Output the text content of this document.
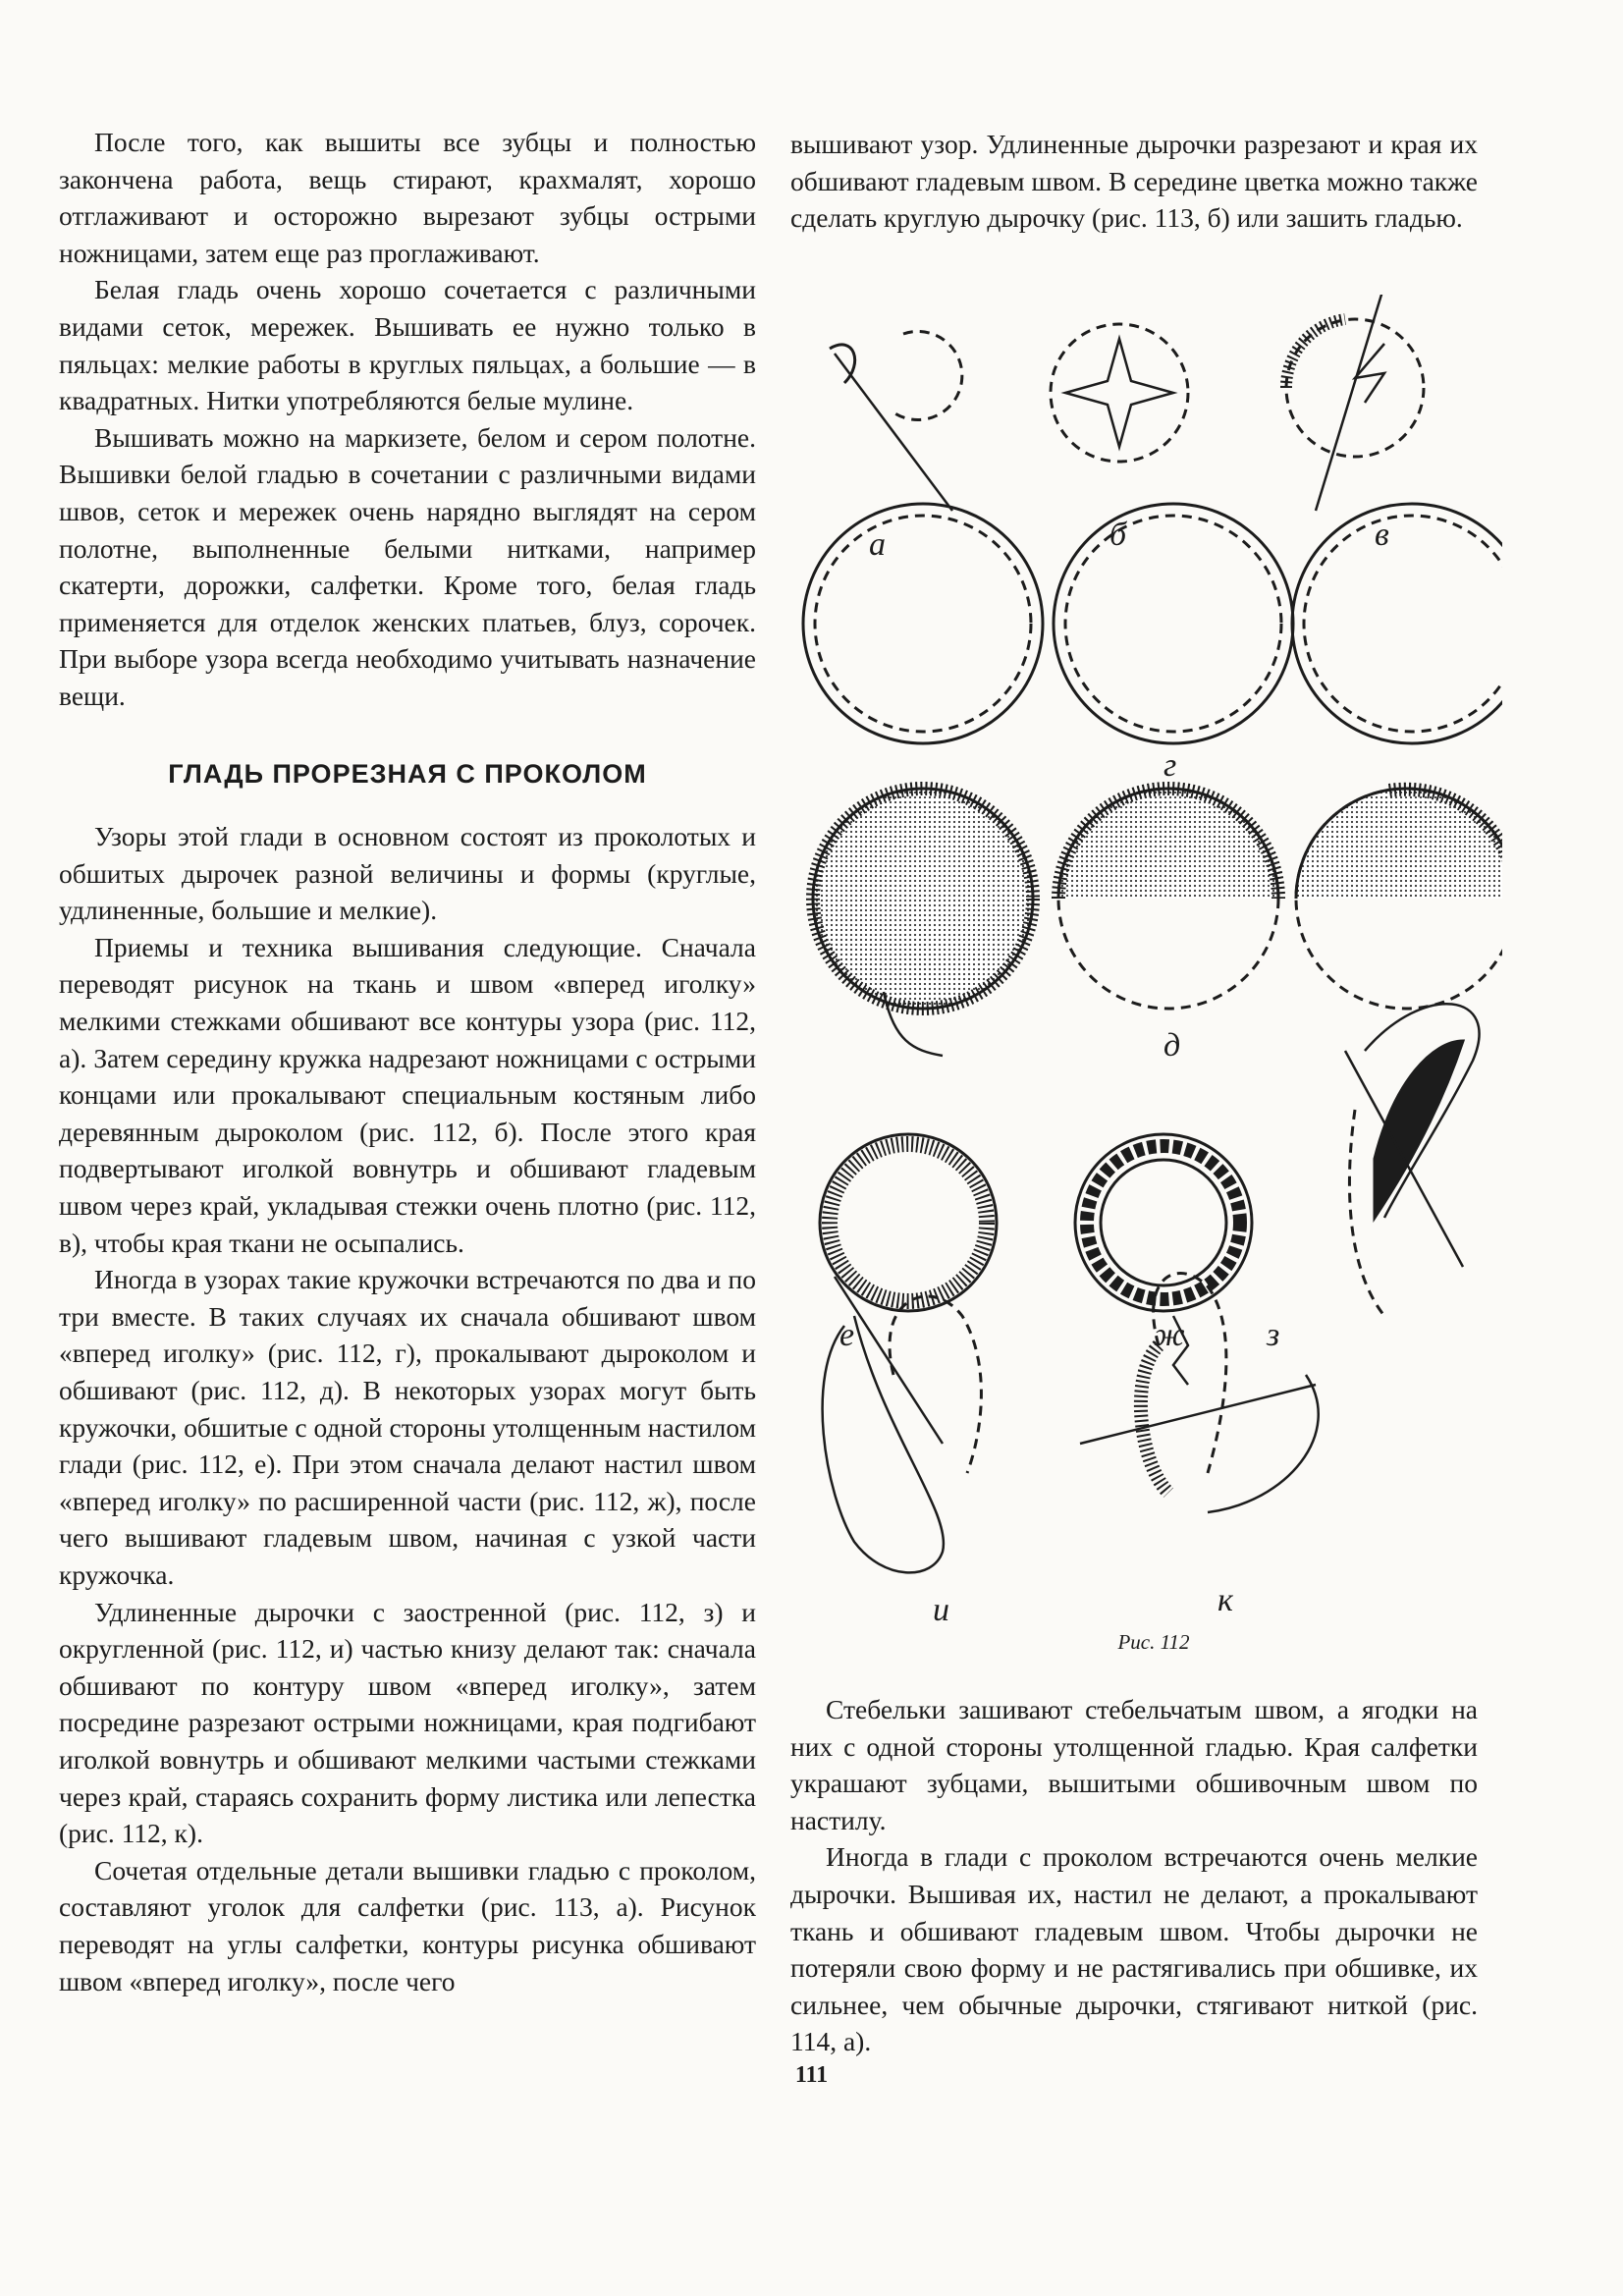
После того, как вышиты все зубцы и полностью закончена работа, вещь стирают, крахмалят, хорошо отглаживают и осторожно вырезают зубцы острыми ножницами, затем еще раз проглаживают.

Белая гладь очень хорошо сочетается с различными видами сеток, мережек. Вышивать ее нужно только в пяльцах: мелкие работы в круглых пяльцах, а большие — в квадратных. Нитки употребляются белые мулине.

Вышивать можно на маркизете, белом и сером полотне. Вышивки белой гладью в сочетании с различными видами швов, сеток и мережек очень нарядно выглядят на сером полотне, выполненные белыми нитками, например скатерти, дорожки, салфетки. Кроме того, белая гладь применяется для отделок женских платьев, блуз, сорочек. При выборе узора всегда необходимо учитывать назначение вещи.

ГЛАДЬ ПРОРЕЗНАЯ С ПРОКОЛОМ

Узоры этой глади в основном состоят из проколотых и обшитых дырочек разной величины и формы (круглые, удлиненные, большие и мелкие).

Приемы и техника вышивания следующие. Сначала переводят рисунок на ткань и швом «вперед иголку» мелкими стежками обшивают все контуры узора (рис. 112, а). Затем середину кружка надрезают ножницами с острыми концами или прокалывают специальным костяным либо деревянным дыроколом (рис. 112, б). После этого края подвертывают иголкой вовнутрь и обшивают гладевым швом через край, укладывая стежки очень плотно (рис. 112, в), чтобы края ткани не осыпались.

Иногда в узорах такие кружочки встречаются по два и по три вместе. В таких случаях их сначала обшивают швом «вперед иголку» (рис. 112, г), прокалывают дыроколом и обшивают (рис. 112, д). В некоторых узорах могут быть кружочки, обшитые с одной стороны утолщенным настилом глади (рис. 112, е). При этом сначала делают настил швом «вперед иголку» по расширенной части (рис. 112, ж), после чего вышивают гладевым швом, начиная с узкой части кружочка.

Удлиненные дырочки с заостренной (рис. 112, з) и округленной (рис. 112, и) частью книзу делают так: сначала обшивают по контуру швом «вперед иголку», затем посредине разрезают острыми ножницами, края подгибают иголкой вовнутрь и обшивают мелкими частыми стежками через край, стараясь сохранить форму листика или лепестка (рис. 112, к).

Сочетая отдельные детали вышивки гладью с проколом, составляют уголок для салфетки (рис. 113, а). Рисунок переводят на углы салфетки, контуры рисунка обшивают швом «вперед иголку», после чего

вышивают узор. Удлиненные дырочки разрезают и края их обшивают гладевым швом. В середине цветка можно также сделать круглую дырочку (рис. 113, б) или зашить гладью.

а	б	в
г
д
е	ж з
и	к
Рис. 112

Стебельки зашивают стебельчатым швом, а ягодки на них с одной стороны утолщенной гладью. Края салфетки украшают зубцами, вышитыми обшивочным швом по настилу.

Иногда в глади с проколом встречаются очень мелкие дырочки. Вышивая их, настил не делают, а прокалывают ткань и обшивают гладевым швом. Чтобы дырочки не потеряли свою форму и не растягивались при обшивке, их сильнее, чем обычные дырочки, стягивают ниткой (рис. 114, а).

111
